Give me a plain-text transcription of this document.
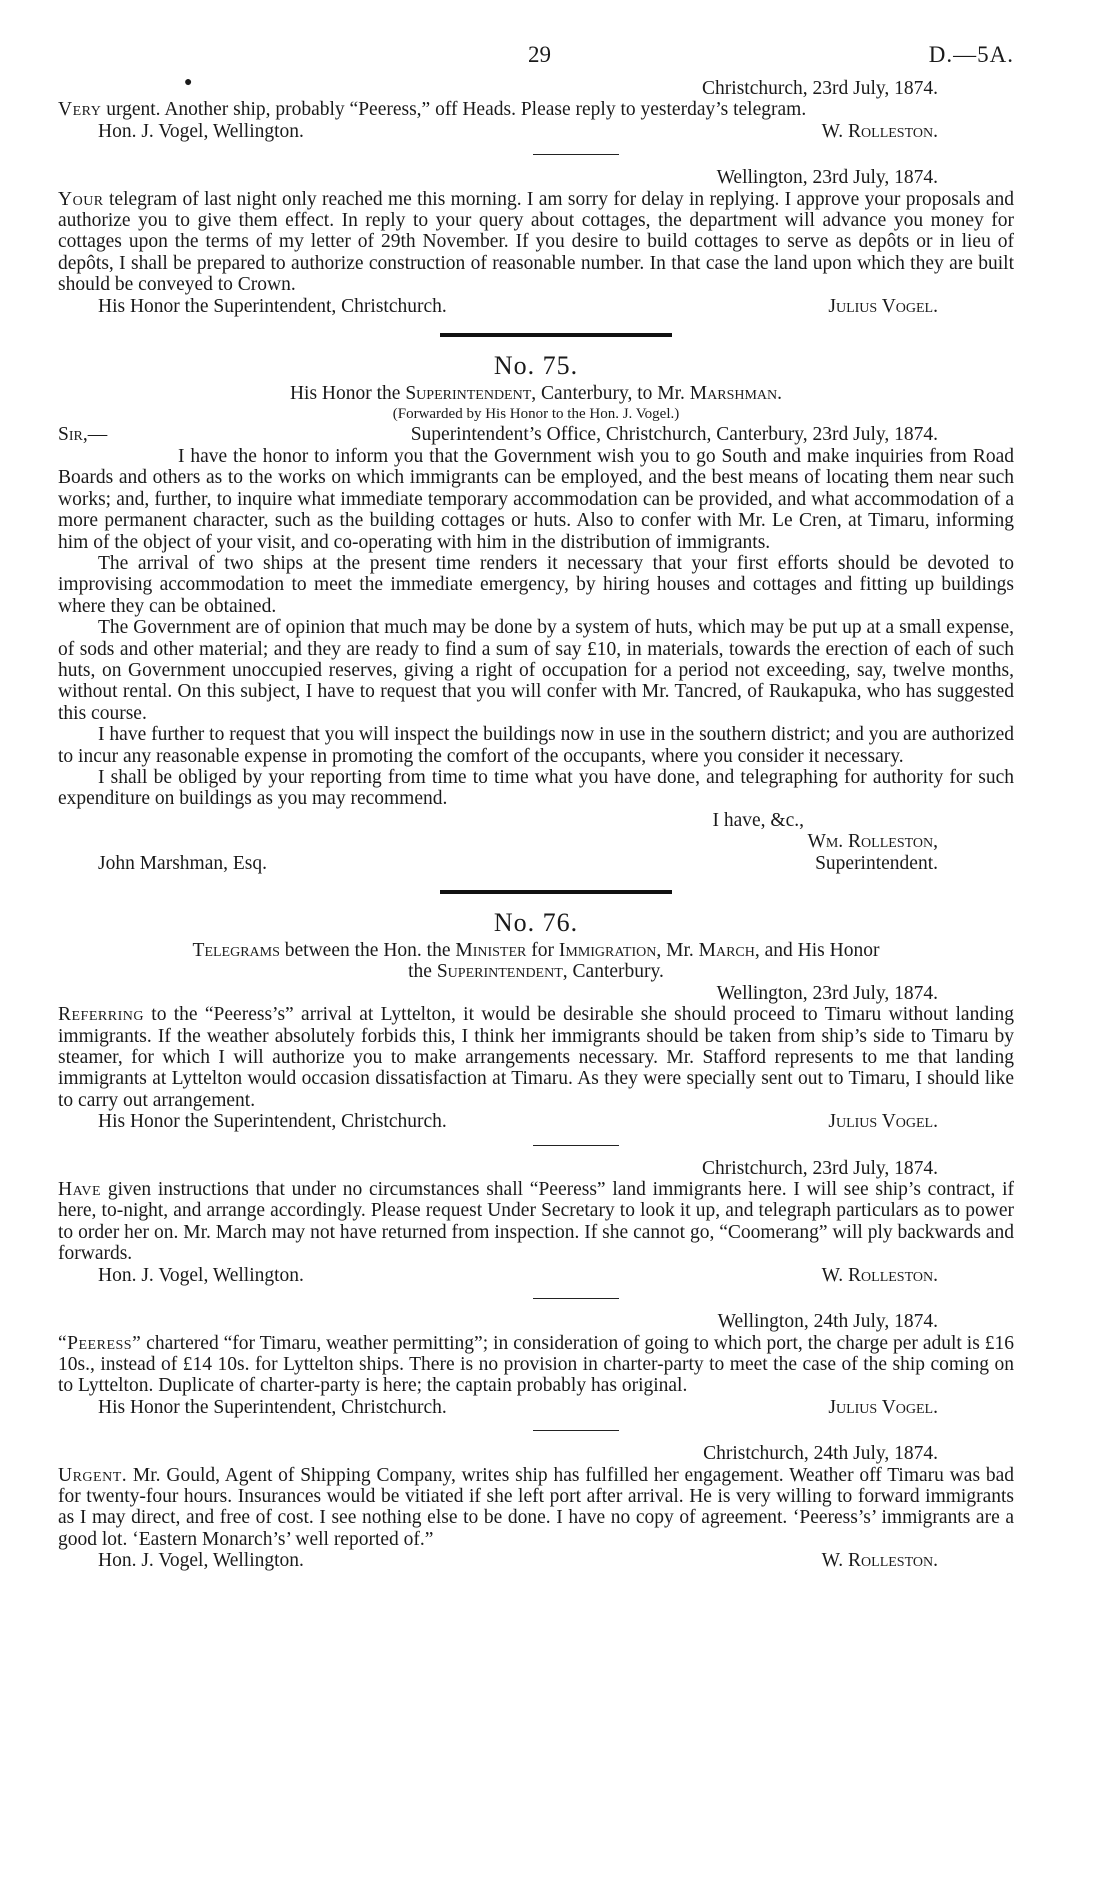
29	D.—5A.
●	Christchurch, 23rd July, 1874.

Very urgent. Another ship, probably “Peeress,” off Heads. Please reply to yesterday’s telegram.

Hon. J. Vogel, Wellington.	W. Rolleston.

Wellington, 23rd July, 1874.

Your telegram of last night only reached me this morning. I am sorry for delay in replying. I approve your proposals and authorize you to give them effect. In reply to your query about cottages, the department will advance you money for cottages upon the terms of my letter of 29th November. If you desire to build cottages to serve as depôts or in lieu of depôts, I shall be prepared to authorize construction of reasonable number. In that case the land upon which they are built should be conveyed to Crown.

His Honor the Superintendent, Christchurch.	Julius Vogel.

No. 75.

His Honor the Superintendent, Canterbury, to Mr. Marshman.

(Forwarded by His Honor to the Hon. J. Vogel.)

Sir,—	Superintendent’s Office, Christchurch, Canterbury, 23rd July, 1874.

I have the honor to inform you that the Government wish you to go South and make inquiries from Road Boards and others as to the works on which immigrants can be employed, and the best means of locating them near such works; and, further, to inquire what immediate temporary accommodation can be provided, and what accommodation of a more permanent character, such as the building cottages or huts. Also to confer with Mr. Le Cren, at Timaru, informing him of the object of your visit, and co-operating with him in the distribution of immigrants.

The arrival of two ships at the present time renders it necessary that your first efforts should be devoted to improvising accommodation to meet the immediate emergency, by hiring houses and cottages and fitting up buildings where they can be obtained.

The Government are of opinion that much may be done by a system of huts, which may be put up at a small expense, of sods and other material; and they are ready to find a sum of say £10, in materials, towards the erection of each of such huts, on Government unoccupied reserves, giving a right of occupation for a period not exceeding, say, twelve months, without rental. On this subject, I have to request that you will confer with Mr. Tancred, of Raukapuka, who has suggested this course.

I have further to request that you will inspect the buildings now in use in the southern district; and you are authorized to incur any reasonable expense in promoting the comfort of the occupants, where you consider it necessary.

I shall be obliged by your reporting from time to time what you have done, and telegraphing for authority for such expenditure on buildings as you may recommend.

I have, &c.,

Wm. Rolleston,

John Marshman, Esq.	Superintendent.

No. 76.

Telegrams between the Hon. the Minister for Immigration, Mr. March, and His Honor

the Superintendent, Canterbury.

Wellington, 23rd July, 1874.

Referring to the “Peeress’s” arrival at Lyttelton, it would be desirable she should proceed to Timaru without landing immigrants. If the weather absolutely forbids this, I think her immigrants should be taken from ship’s side to Timaru by steamer, for which I will authorize you to make arrangements necessary. Mr. Stafford represents to me that landing immigrants at Lyttelton would occasion dissatisfaction at Timaru. As they were specially sent out to Timaru, I should like to carry out arrangement.

His Honor the Superintendent, Christchurch.	Julius Vogel.

Christchurch, 23rd July, 1874.

Have given instructions that under no circumstances shall “Peeress” land immigrants here. I will see ship’s contract, if here, to-night, and arrange accordingly. Please request Under Secretary to look it up, and telegraph particulars as to power to order her on. Mr. March may not have returned from inspection. If she cannot go, “Coomerang” will ply backwards and forwards.

Hon. J. Vogel, Wellington.	W. Rolleston.

Wellington, 24th July, 1874.

“Peeress” chartered “for Timaru, weather permitting”; in consideration of going to which port, the charge per adult is £16 10s., instead of £14 10s. for Lyttelton ships. There is no provision in charter-party to meet the case of the ship coming on to Lyttelton. Duplicate of charter-party is here; the captain probably has original.

His Honor the Superintendent, Christchurch.	Julius Vogel.

Christchurch, 24th July, 1874.

Urgent. Mr. Gould, Agent of Shipping Company, writes ship has fulfilled her engagement. Weather off Timaru was bad for twenty-four hours. Insurances would be vitiated if she left port after arrival. He is very willing to forward immigrants as I may direct, and free of cost. I see nothing else to be done. I have no copy of agreement. ‘Peeress’s’ immigrants are a good lot. ‘Eastern Monarch’s’ well reported of.”

Hon. J. Vogel, Wellington.	W. Rolleston.
